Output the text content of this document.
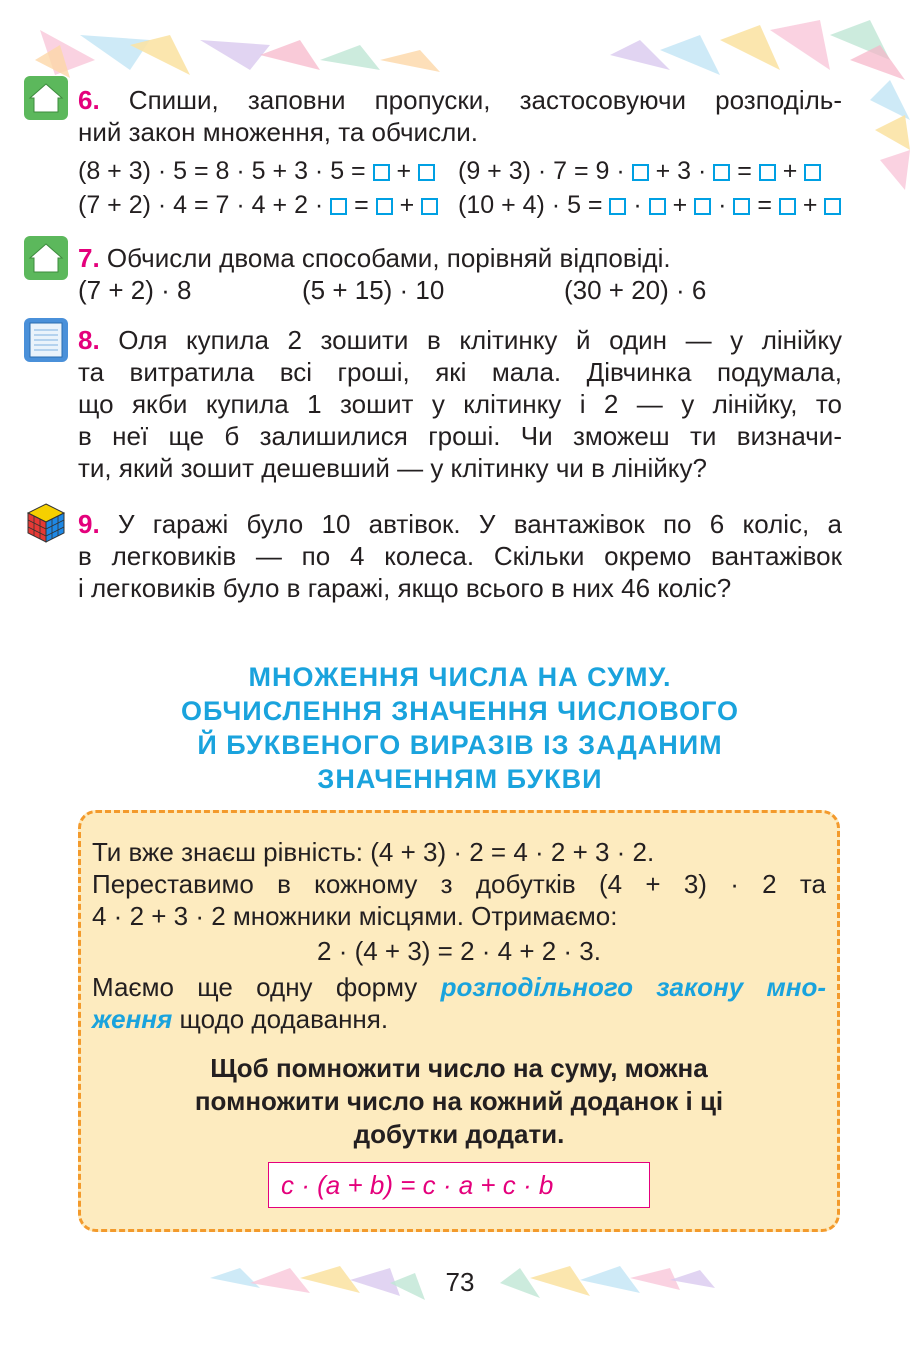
6. Спиши, заповни пропуски, застосовуючи розподіль-
ний закон множення, та обчисли.
(8 + 3) · 5 = 8 · 5 + 3 · 5 =  +	(9 + 3) · 7 = 9 ·  + 3 ·  =  +
(7 + 2) · 4 = 7 · 4 + 2 ·  =  +	(10 + 4) · 5 =  ·  +  ·  =  +
7. Обчисли двома способами, порівняй відповіді.
(7 + 2) · 8	(5 + 15) · 10	(30 + 20) · 6
8. Оля купила 2 зошити в клітинку й один — у лінійку
та витратила всі гроші, які мала. Дівчинка подумала,
що якби купила 1 зошит у клітинку і 2 — у лінійку, то
в неї ще б залишилися гроші. Чи зможеш ти визначи-
ти, який зошит дешевший — у клітинку чи в лінійку?
9. У гаражі було 10 автівок. У вантажівок по 6 коліс, а
в легковиків — по 4 колеса. Скільки окремо вантажівок
і легковиків було в гаражі, якщо всього в них 46 коліс?
МНОЖЕННЯ ЧИСЛА НА СУМУ.
ОБЧИСЛЕННЯ ЗНАЧЕННЯ ЧИСЛОВОГО
Й БУКВЕНОГО ВИРАЗІВ ІЗ ЗАДАНИМ
ЗНАЧЕННЯМ БУКВИ
Ти вже знаєш рівність: (4 + 3) · 2 = 4 · 2 + 3 · 2.
Переставимо в кожному з добутків (4 + 3) · 2 та
4 · 2 + 3 · 2 множники місцями. Отримаємо:
2 · (4 + 3) = 2 · 4 + 2 · 3.
Маємо ще одну форму розподільного закону мно-
ження щодо додавання.
Щоб помножити число на суму, можна
помножити число на кожний доданок і ці
добутки додати.
c · (a + b) = c · a + c · b
73
